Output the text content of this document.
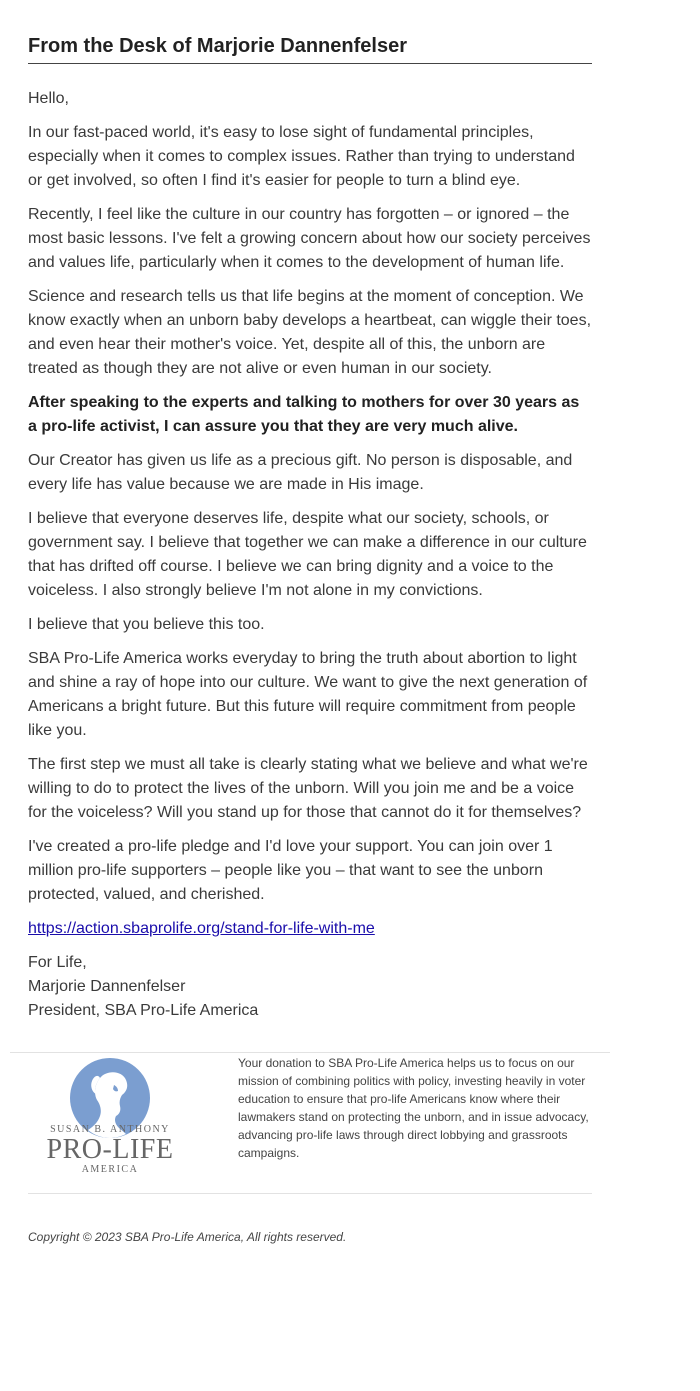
From the Desk of Marjorie Dannenfelser

Hello,

In our fast-paced world, it's easy to lose sight of fundamental principles, especially when it comes to complex issues. Rather than trying to understand or get involved, so often I find it's easier for people to turn a blind eye.

Recently, I feel like the culture in our country has forgotten – or ignored – the most basic lessons. I've felt a growing concern about how our society perceives and values life, particularly when it comes to the development of human life.

Science and research tells us that life begins at the moment of conception. We know exactly when an unborn baby develops a heartbeat, can wiggle their toes, and even hear their mother's voice. Yet, despite all of this, the unborn are treated as though they are not alive or even human in our society.

After speaking to the experts and talking to mothers for over 30 years as a pro-life activist, I can assure you that they are very much alive.

Our Creator has given us life as a precious gift. No person is disposable, and every life has value because we are made in His image.

I believe that everyone deserves life, despite what our society, schools, or government say. I believe that together we can make a difference in our culture that has drifted off course. I believe we can bring dignity and a voice to the voiceless. I also strongly believe I'm not alone in my convictions.

I believe that you believe this too.

SBA Pro-Life America works everyday to bring the truth about abortion to light and shine a ray of hope into our culture. We want to give the next generation of Americans a bright future. But this future will require commitment from people like you.

The first step we must all take is clearly stating what we believe and what we're willing to do to protect the lives of the unborn. Will you join me and be a voice for the voiceless? Will you stand up for those that cannot do it for themselves?

I've created a pro-life pledge and I'd love your support. You can join over 1 million pro-life supporters – people like you – that want to see the unborn protected, valued, and cherished.

https://action.sbaprolife.org/stand-for-life-with-me

For Life,
Marjorie Dannenfelser
President, SBA Pro-Life America
SUSAN B. ANTHONY
PRO-LIFE
AMERICA
Your donation to SBA Pro-Life America helps us to focus on our mission of combining politics with policy, investing heavily in voter education to ensure that pro-life Americans know where their lawmakers stand on protecting the unborn, and in issue advocacy, advancing pro-life laws through direct lobbying and grassroots campaigns.
Copyright © 2023 SBA Pro-Life America, All rights reserved.
